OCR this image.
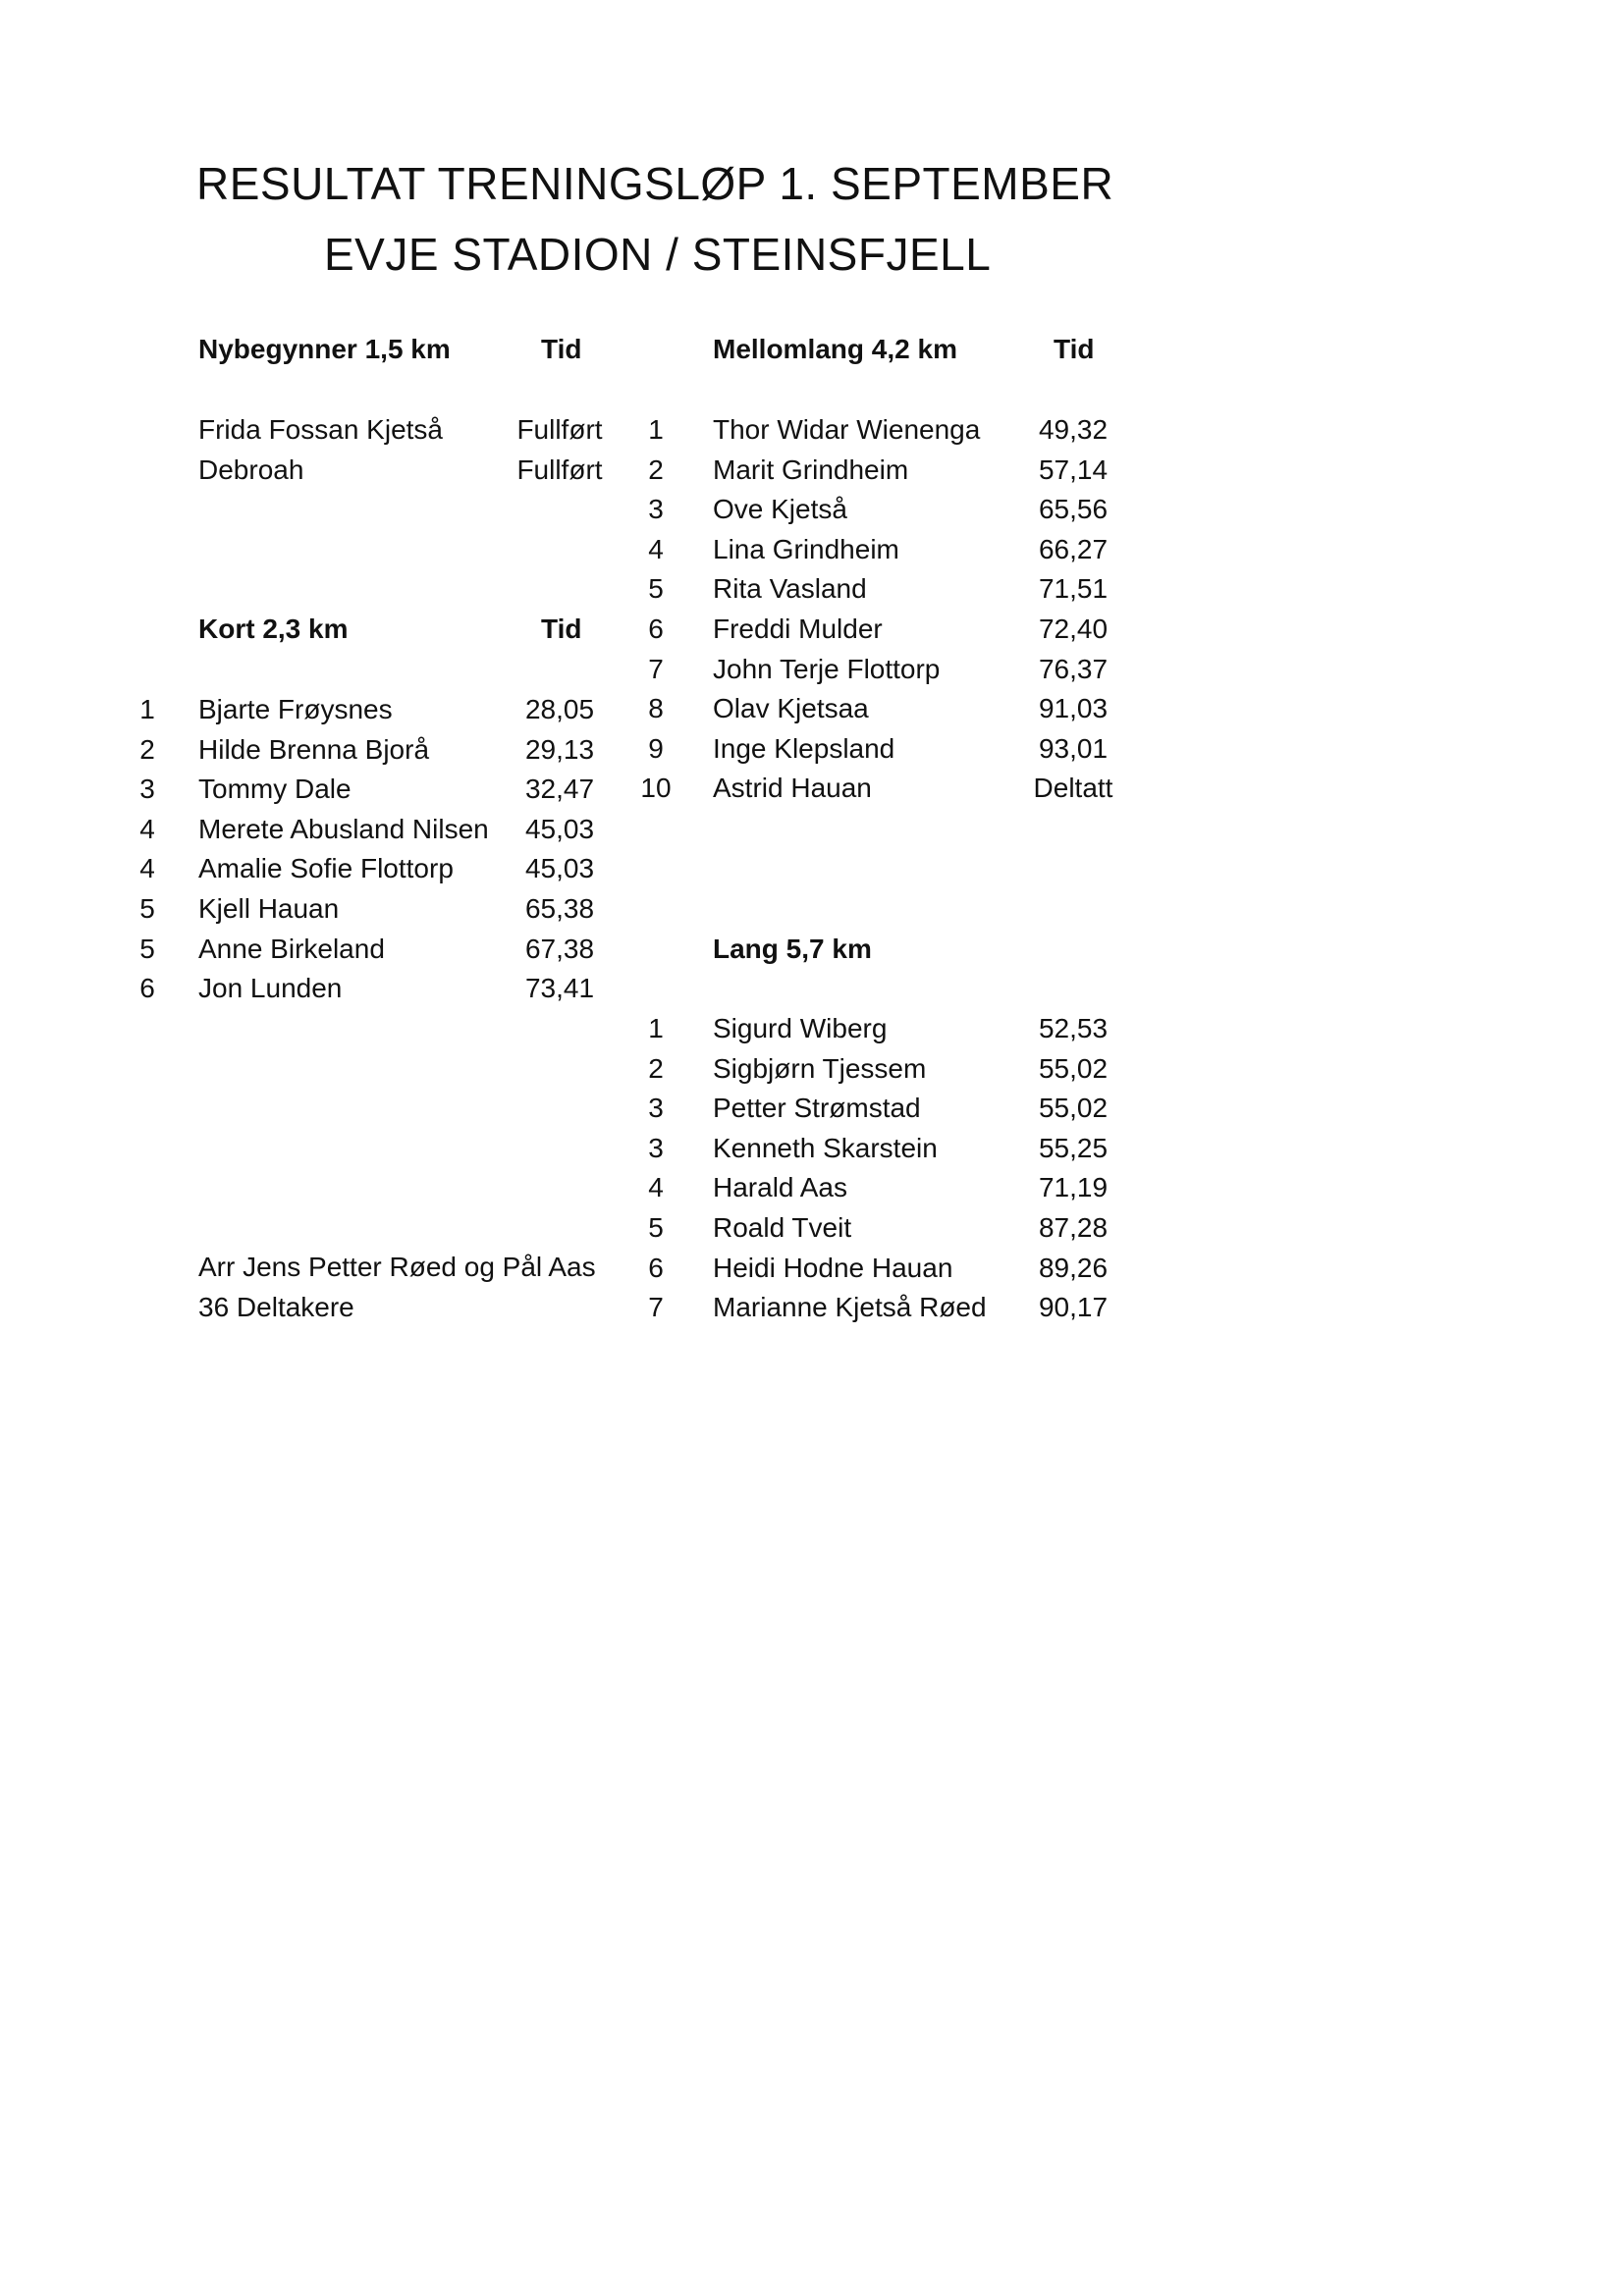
RESULTAT TRENINGSLØP 1. SEPTEMBER
EVJE STADION / STEINSFJELL
Nybegynner 1,5 km	Tid
Frida Fossan Kjetså	Fullført
Debroah	Fullført
Kort 2,3 km	Tid
1	Bjarte Frøysnes	28,05
2	Hilde Brenna Bjorå	29,13
3	Tommy Dale	32,47
4	Merete Abusland Nilsen	45,03
4	Amalie Sofie Flottorp	45,03
5	Kjell Hauan	65,38
5	Anne Birkeland	67,38
6	Jon Lunden	73,41
Mellomlang 4,2 km	Tid
1	Thor Widar Wienenga	49,32
2	Marit Grindheim	57,14
3	Ove Kjetså	65,56
4	Lina Grindheim	66,27
5	Rita Vasland	71,51
6	Freddi Mulder	72,40
7	John Terje Flottorp	76,37
8	Olav Kjetsaa	91,03
9	Inge Klepsland	93,01
10 Astrid Hauan	Deltatt
Lang 5,7 km
1	Sigurd Wiberg	52,53
2	Sigbjørn Tjessem	55,02
3	Petter Strømstad	55,02
3	Kenneth Skarstein	55,25
4	Harald Aas	71,19
5	Roald Tveit	87,28
6	Heidi Hodne Hauan	89,26
7	Marianne Kjetså Røed	90,17
Arr Jens Petter Røed og Pål Aas
36 Deltakere
